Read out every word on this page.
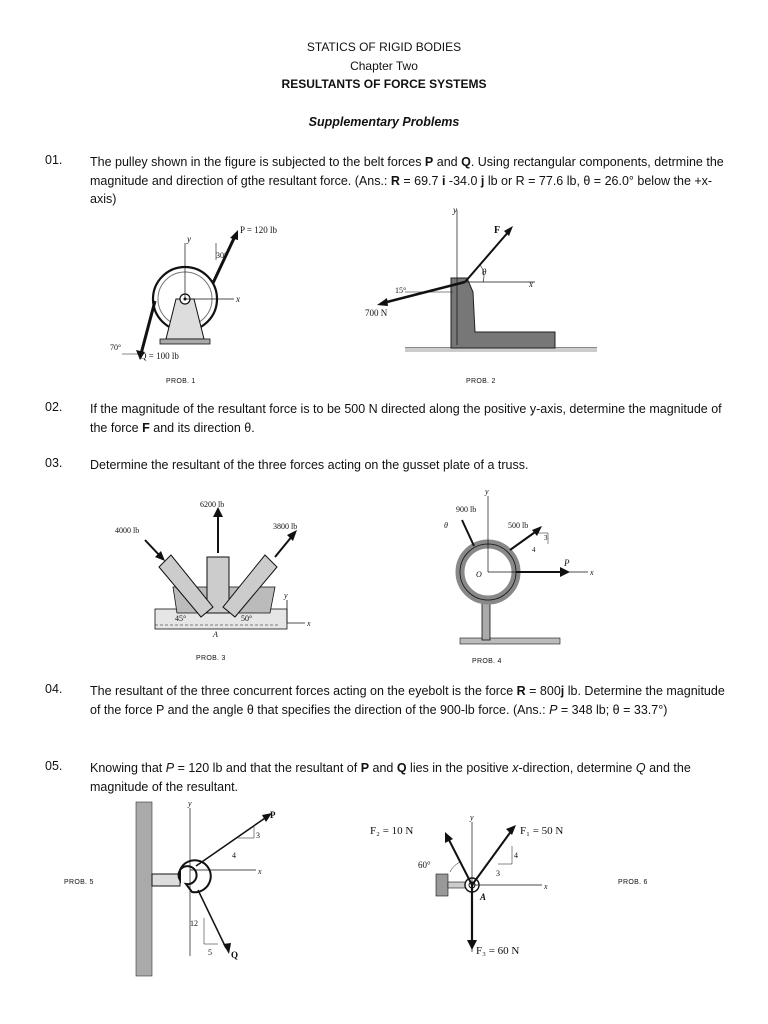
STATICS OF RIGID BODIES
Chapter Two
RESULTANTS OF FORCE SYSTEMS
Supplementary Problems
01. The pulley shown in the figure is subjected to the belt forces P and Q. Using rectangular components, detrmine the magnitude and direction of gthe resultant force. (Ans.: R = 69.7 i -34.0 j lb or R = 77.6 lb, θ = 26.0° below the +x-axis)
y
x
P = 120 lb
30°
70°
Q = 100 lb
PROB. 1
y
x
F
θ
15°
700 N
PROB. 2
02. If the magnitude of the resultant force is to be 500 N directed along the positive y-axis, determine the magnitude of the force F and its direction θ.
03. Determine the resultant of the three forces acting on the gusset plate of a truss.
6200 lb
4000 lb	3800 lb
45°	50°
A
y
x
PROB. 3
y
900 lb
θ	500 lb
3
4
O
P
x
PROB. 4
04. The resultant of the three concurrent forces acting on the eyebolt is the force R = 800j lb. Determine the magnitude of the force P and the angle θ that specifies the direction of the 900-lb force. (Ans.: P = 348 lb; θ = 33.7°)
05. Knowing that P = 120 lb and that the resultant of P and Q lies in the positive x-direction, determine Q and the magnitude of the resultant.
PROB. 5
y
x
P
3
4
12
5 Q
F₂ = 10 N
y
F₁ = 50 N
60°
4
3
A
x
F₃ = 60 N
PROB. 6
